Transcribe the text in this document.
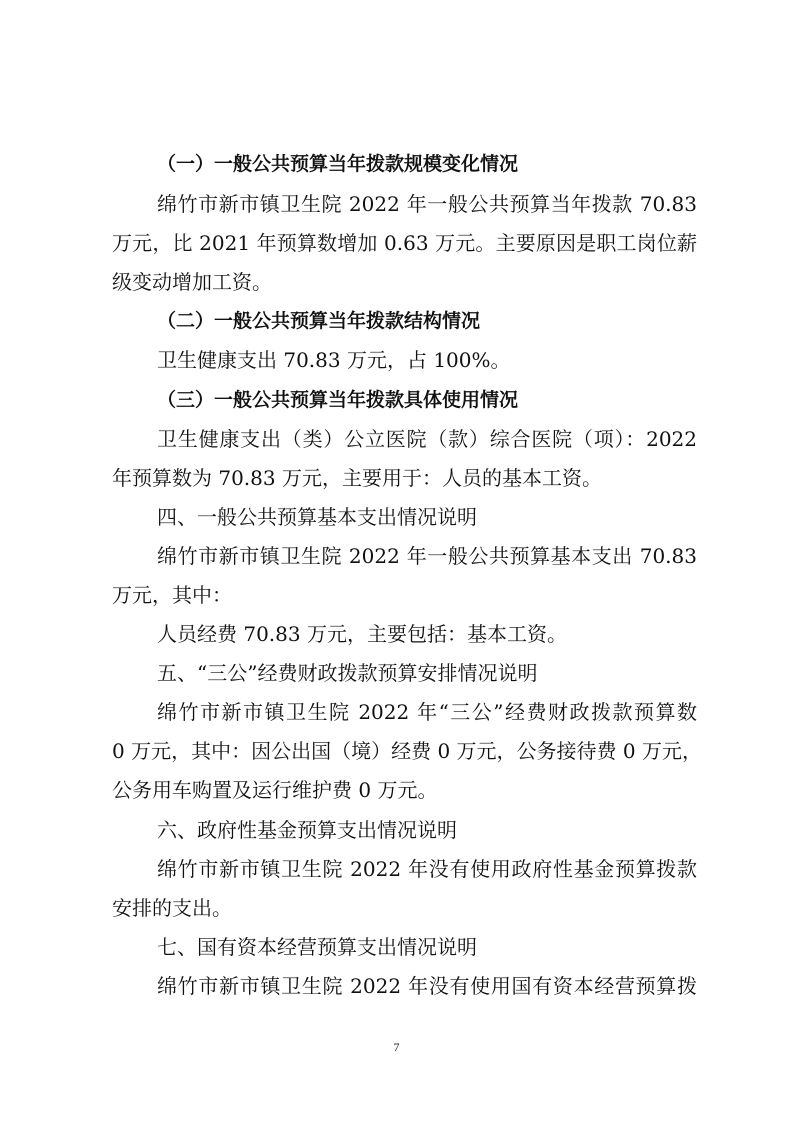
（一）一般公共预算当年拨款规模变化情况
绵竹市新市镇卫生院 2022 年一般公共预算当年拨款 70.83
万元，比 2021 年预算数增加 0.63 万元。主要原因是职工岗位薪
级变动增加工资。
（二）一般公共预算当年拨款结构情况
卫生健康支出 70.83 万元，占 100%。
（三）一般公共预算当年拨款具体使用情况
卫生健康支出（类）公立医院（款）综合医院（项）：2022
年预算数为 70.83 万元，主要用于：人员的基本工资。
四、一般公共预算基本支出情况说明
绵竹市新市镇卫生院 2022 年一般公共预算基本支出 70.83
万元，其中：
人员经费 70.83 万元，主要包括：基本工资。
五、“三公”经费财政拨款预算安排情况说明
绵竹市新市镇卫生院 2022 年“三公”经费财政拨款预算数
0 万元，其中：因公出国（境）经费 0 万元，公务接待费 0 万元，
公务用车购置及运行维护费 0 万元。
六、政府性基金预算支出情况说明
绵竹市新市镇卫生院 2022 年没有使用政府性基金预算拨款
安排的支出。
七、国有资本经营预算支出情况说明
绵竹市新市镇卫生院 2022 年没有使用国有资本经营预算拨
7
